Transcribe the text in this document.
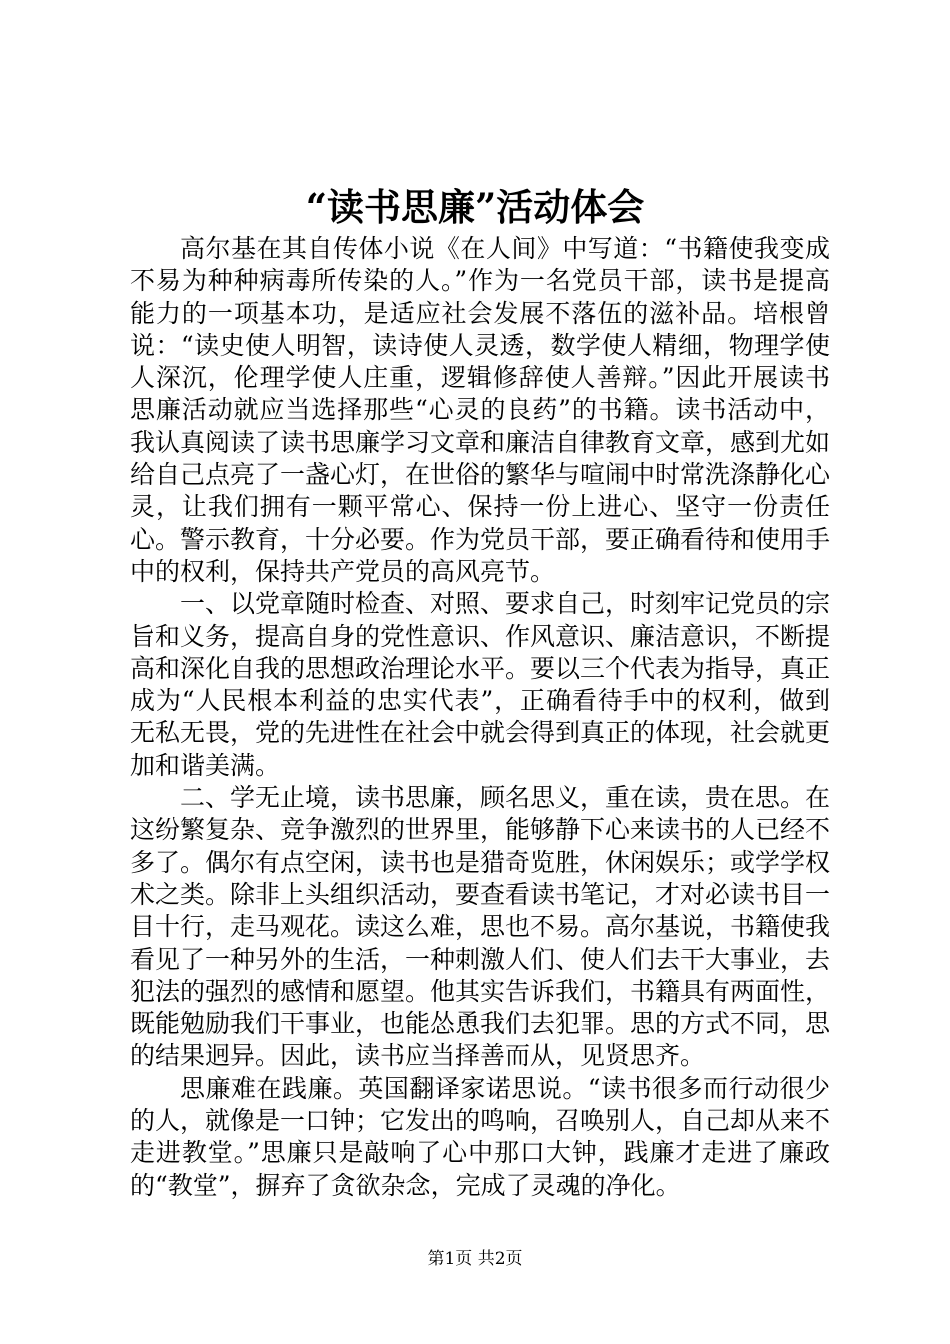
“读书思廉”活动体会

高尔基在其自传体小说《在人间》中写道：“书籍使我变成不易为种种病毒所传染的人。”作为一名党员干部，读书是提高能力的一项基本功，是适应社会发展不落伍的滋补品。培根曾说：“读史使人明智，读诗使人灵透，数学使人精细，物理学使人深沉，伦理学使人庄重，逻辑修辞使人善辩。”因此开展读书思廉活动就应当选择那些“心灵的良药”的书籍。读书活动中，我认真阅读了读书思廉学习文章和廉洁自律教育文章，感到尤如给自己点亮了一盏心灯，在世俗的繁华与喧闹中时常洗涤静化心灵，让我们拥有一颗平常心、保持一份上进心、坚守一份责任心。警示教育，十分必要。作为党员干部，要正确看待和使用手中的权利，保持共产党员的高风亮节。

一、以党章随时检查、对照、要求自己，时刻牢记党员的宗旨和义务，提高自身的党性意识、作风意识、廉洁意识，不断提高和深化自我的思想政治理论水平。要以三个代表为指导，真正成为“人民根本利益的忠实代表”，正确看待手中的权利，做到无私无畏，党的先进性在社会中就会得到真正的体现，社会就更加和谐美满。

二、学无止境，读书思廉，顾名思义，重在读，贵在思。在这纷繁复杂、竞争激烈的世界里，能够静下心来读书的人已经不多了。偶尔有点空闲，读书也是猎奇览胜，休闲娱乐；或学学权术之类。除非上头组织活动，要查看读书笔记，才对必读书目一目十行，走马观花。读这么难，思也不易。高尔基说，书籍使我看见了一种另外的生活，一种刺激人们、使人们去干大事业，去犯法的强烈的感情和愿望。他其实告诉我们，书籍具有两面性，既能勉励我们干事业，也能怂恿我们去犯罪。思的方式不同，思的结果迥异。因此，读书应当择善而从，见贤思齐。

思廉难在践廉。英国翻译家诺思说。“读书很多而行动很少的人，就像是一口钟；它发出的鸣响，召唤别人，自己却从来不走进教堂。”思廉只是敲响了心中那口大钟，践廉才走进了廉政的“教堂”，摒弃了贪欲杂念，完成了灵魂的净化。

第1页 共2页
